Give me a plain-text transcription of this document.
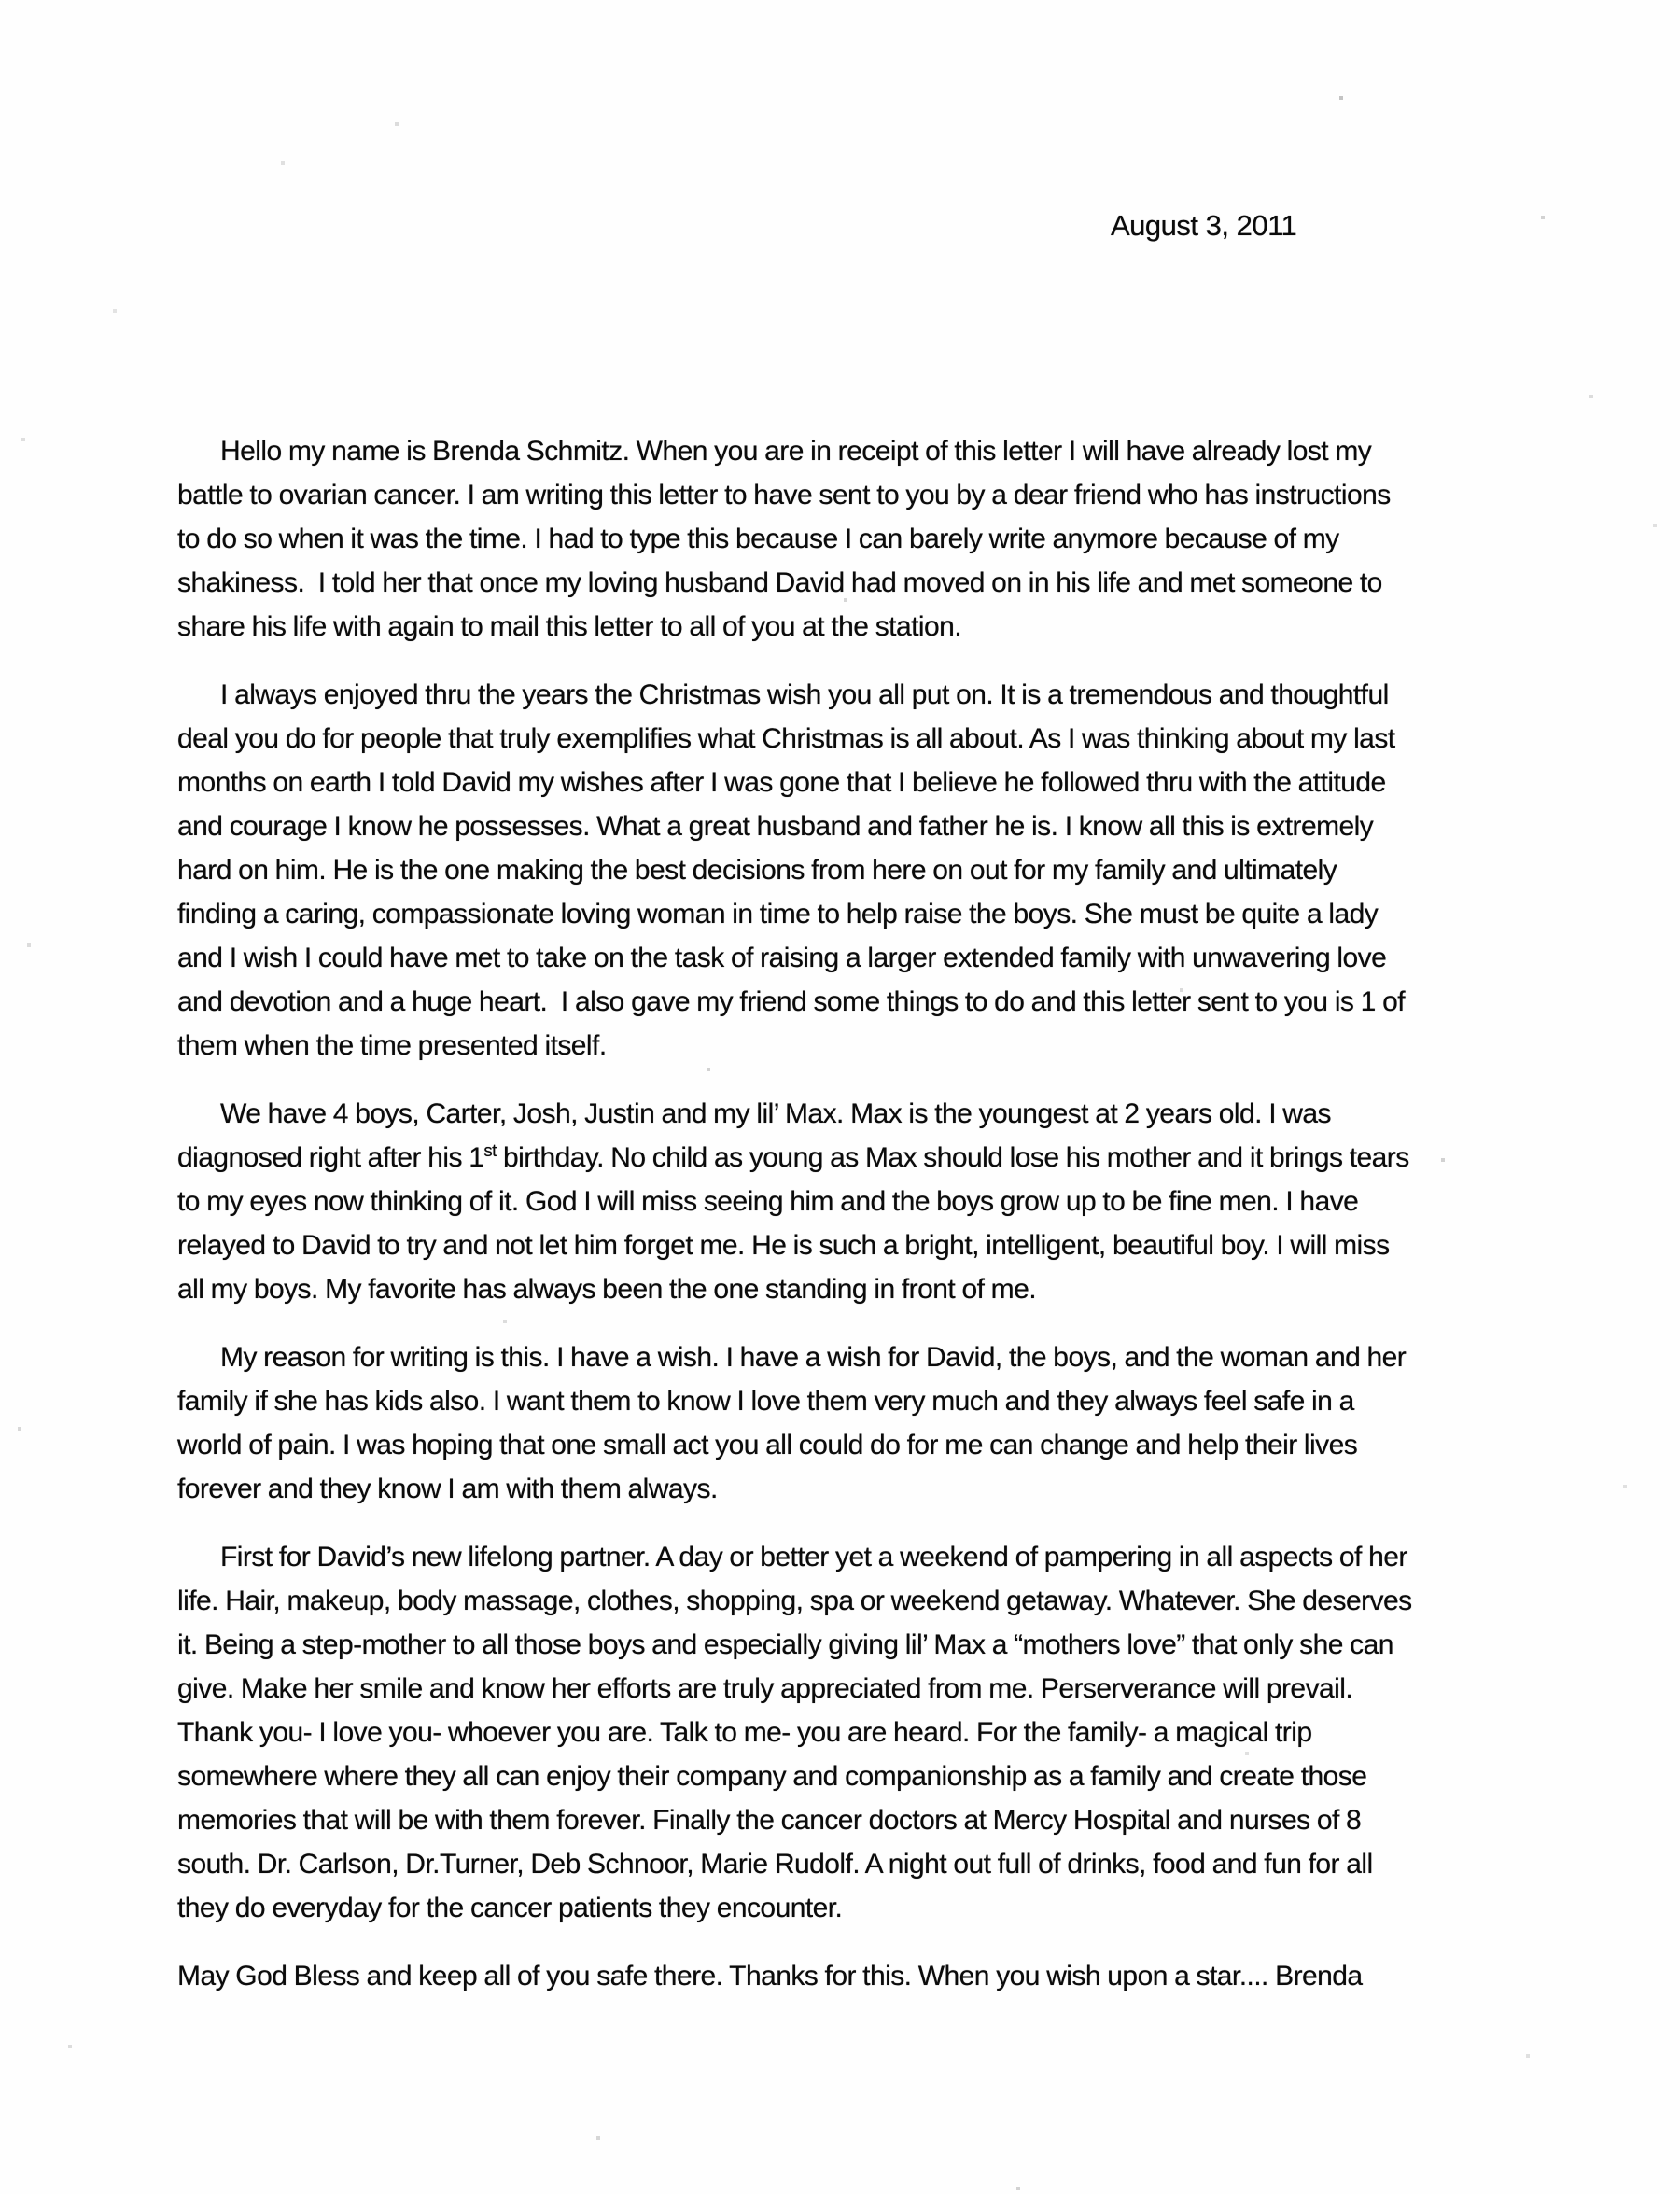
August 3, 2011
Hello my name is Brenda Schmitz. When you are in receipt of this letter I will have already lost my
battle to ovarian cancer. I am writing this letter to have sent to you by a dear friend who has instructions
to do so when it was the time. I had to type this because I can barely write anymore because of my
shakiness.  I told her that once my loving husband David had moved on in his life and met someone to
share his life with again to mail this letter to all of you at the station.
I always enjoyed thru the years the Christmas wish you all put on. It is a tremendous and thoughtful
deal you do for people that truly exemplifies what Christmas is all about. As I was thinking about my last
months on earth I told David my wishes after I was gone that I believe he followed thru with the attitude
and courage I know he possesses. What a great husband and father he is. I know all this is extremely
hard on him. He is the one making the best decisions from here on out for my family and ultimately
finding a caring, compassionate loving woman in time to help raise the boys. She must be quite a lady
and I wish I could have met to take on the task of raising a larger extended family with unwavering love
and devotion and a huge heart.  I also gave my friend some things to do and this letter sent to you is 1 of
them when the time presented itself.
We have 4 boys, Carter, Josh, Justin and my lil’ Max. Max is the youngest at 2 years old. I was
diagnosed right after his 1st birthday. No child as young as Max should lose his mother and it brings tears
to my eyes now thinking of it. God I will miss seeing him and the boys grow up to be fine men. I have
relayed to David to try and not let him forget me. He is such a bright, intelligent, beautiful boy. I will miss
all my boys. My favorite has always been the one standing in front of me.
My reason for writing is this. I have a wish. I have a wish for David, the boys, and the woman and her
family if she has kids also. I want them to know I love them very much and they always feel safe in a
world of pain. I was hoping that one small act you all could do for me can change and help their lives
forever and they know I am with them always.
First for David’s new lifelong partner. A day or better yet a weekend of pampering in all aspects of her
life. Hair, makeup, body massage, clothes, shopping, spa or weekend getaway. Whatever. She deserves
it. Being a step-mother to all those boys and especially giving lil’ Max a “mothers love” that only she can
give. Make her smile and know her efforts are truly appreciated from me. Perserverance will prevail.
Thank you- I love you- whoever you are. Talk to me- you are heard. For the family- a magical trip
somewhere where they all can enjoy their company and companionship as a family and create those
memories that will be with them forever. Finally the cancer doctors at Mercy Hospital and nurses of 8
south. Dr. Carlson, Dr.Turner, Deb Schnoor, Marie Rudolf. A night out full of drinks, food and fun for all
they do everyday for the cancer patients they encounter.
May God Bless and keep all of you safe there. Thanks for this. When you wish upon a star.... Brenda
